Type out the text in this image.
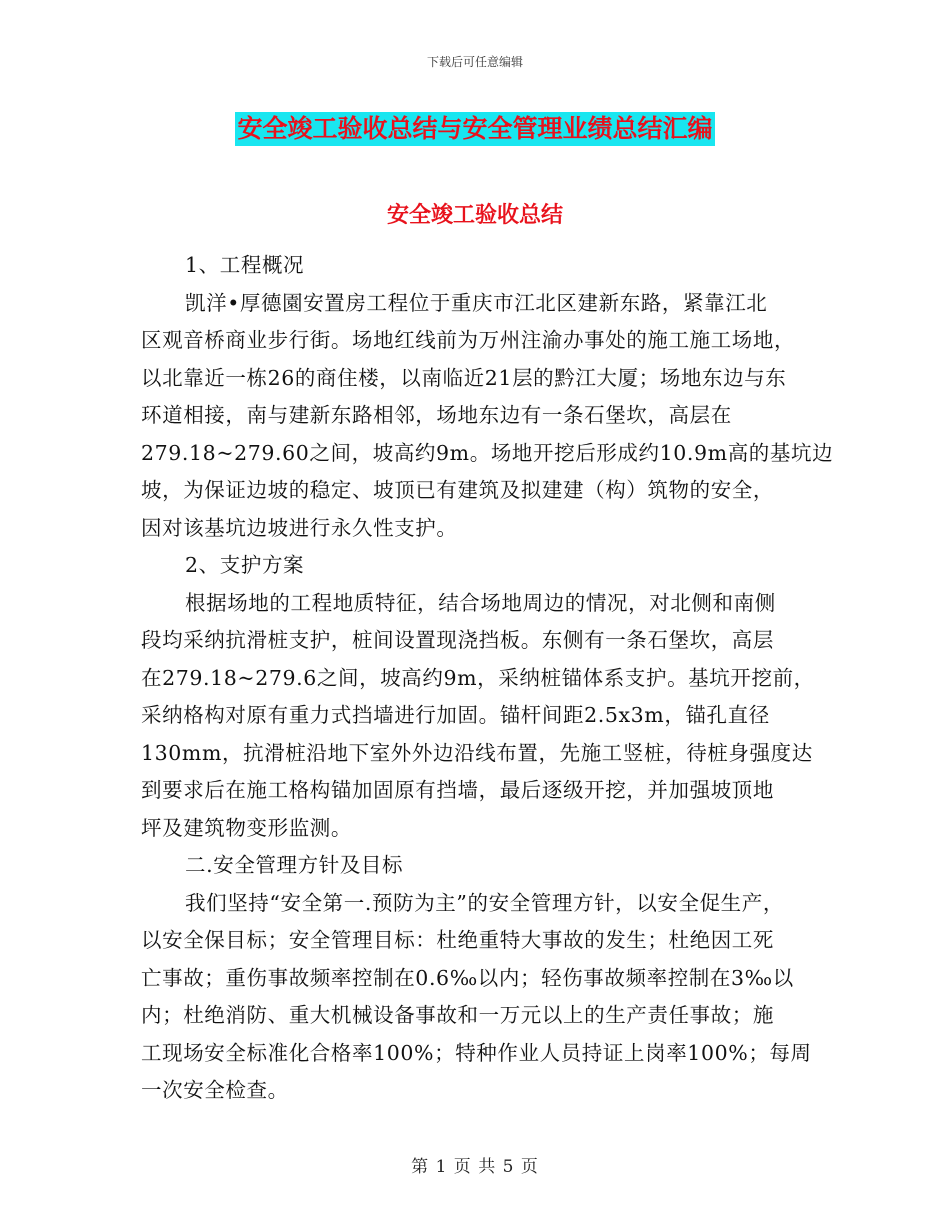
下载后可任意编辑
安全竣工验收总结与安全管理业绩总结汇编
安全竣工验收总结
1、工程概况
凯洋•厚德園安置房工程位于重庆市江北区建新东路，紧靠江北
区观音桥商业步行街。场地红线前为万州注渝办事处的施工施工场地，
以北靠近一栋26的商住楼，以南临近21层的黔江大厦；场地东边与东
环道相接，南与建新东路相邻，场地东边有一条石堡坎，高层在
279.18~279.60之间，坡高约9m。场地开挖后形成约10.9m高的基坑边
坡，为保证边坡的稳定、坡顶已有建筑及拟建建（构）筑物的安全，
因对该基坑边坡进行永久性支护。
2、支护方案
根据场地的工程地质特征，结合场地周边的情况，对北侧和南侧
段均采纳抗滑桩支护，桩间设置现浇挡板。东侧有一条石堡坎，高层
在279.18~279.6之间，坡高约9m，采纳桩锚体系支护。基坑开挖前，
采纳格构对原有重力式挡墙进行加固。锚杆间距2.5x3m，锚孔直径
130mm，抗滑桩沿地下室外外边沿线布置，先施工竖桩，待桩身强度达
到要求后在施工格构锚加固原有挡墙，最后逐级开挖，并加强坡顶地
坪及建筑物变形监测。
二.安全管理方针及目标
我们坚持“安全第一.预防为主”的安全管理方针，以安全促生产，
以安全保目标；安全管理目标：杜绝重特大事故的发生；杜绝因工死
亡事故；重伤事故频率控制在0.6‰以内；轻伤事故频率控制在3‰以
内；杜绝消防、重大机械设备事故和一万元以上的生产责任事故；施
工现场安全标准化合格率100%；特种作业人员持证上岗率100%；每周
一次安全检查。
第 1 页 共 5 页
